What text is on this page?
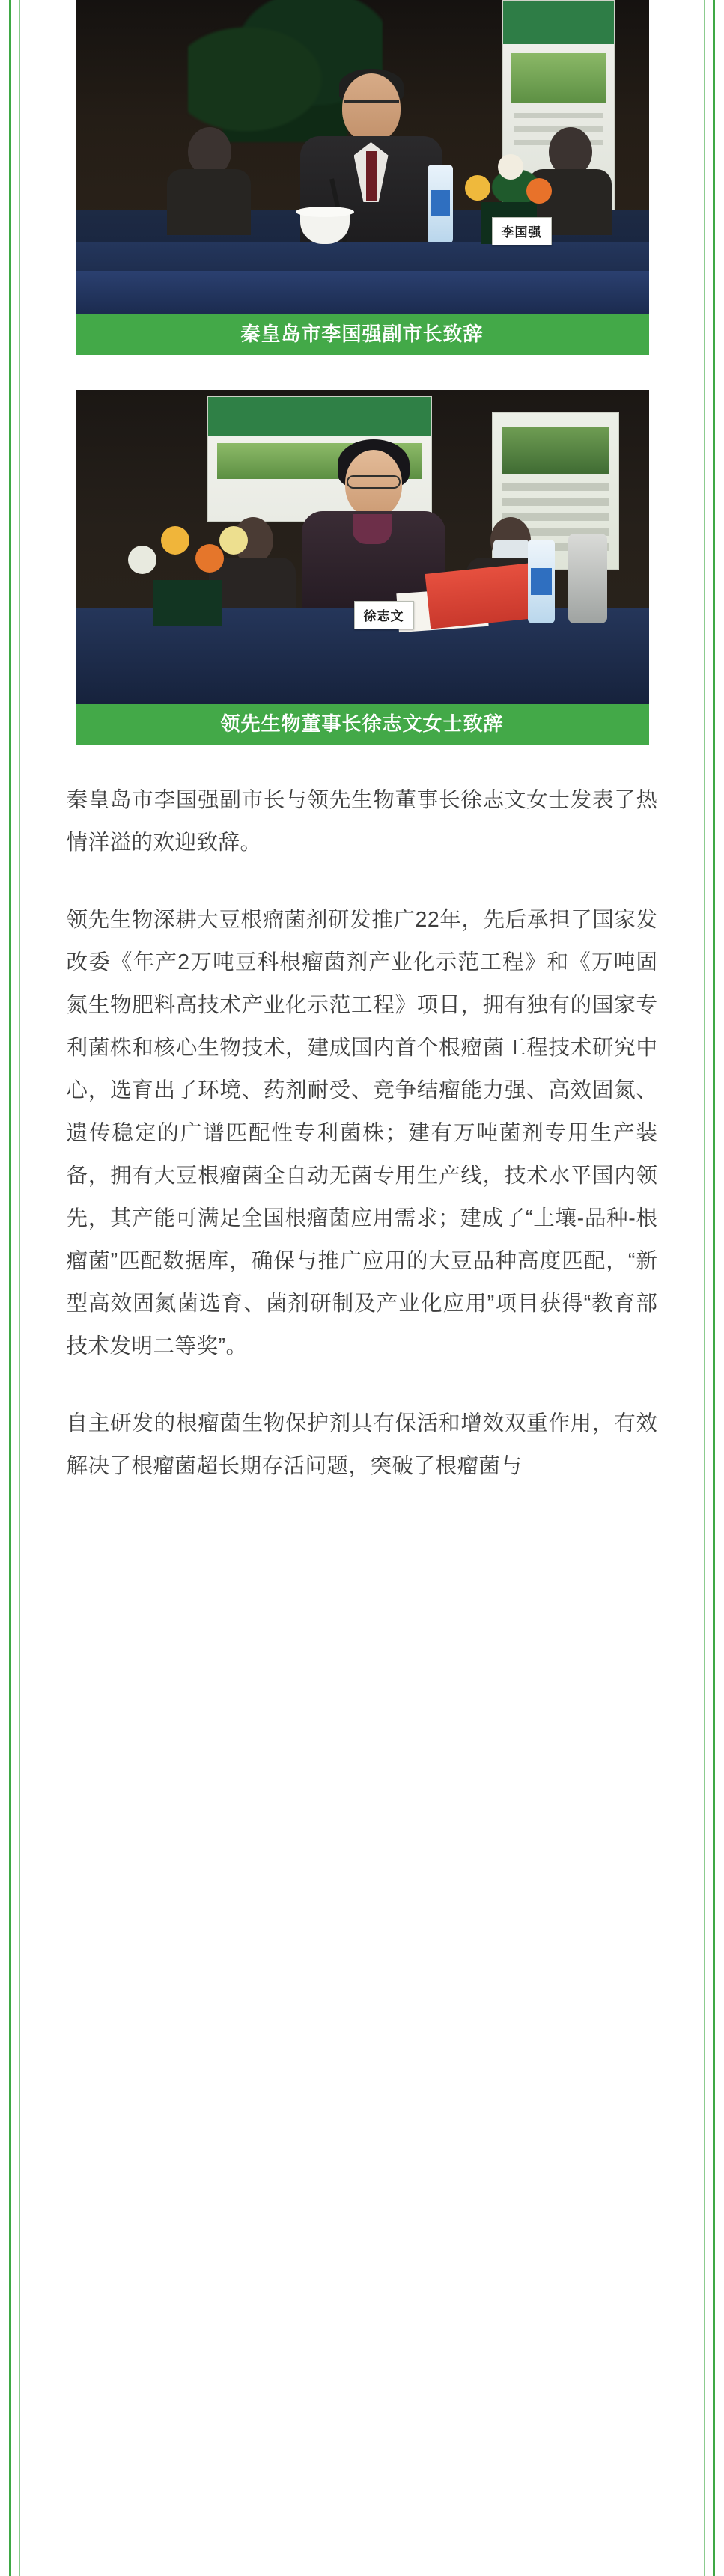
李国强
秦皇岛市李国强副市长致辞
徐志文
领先生物董事长徐志文女士致辞

秦皇岛市李国强副市长与领先生物董事长徐志文女士发表了热情洋溢的欢迎致辞。

领先生物深耕大豆根瘤菌剂研发推广22年，先后承担了国家发改委《年产2万吨豆科根瘤菌剂产业化示范工程》和《万吨固氮生物肥料高技术产业化示范工程》项目，拥有独有的国家专利菌株和核心生物技术，建成国内首个根瘤菌工程技术研究中心，选育出了环境、药剂耐受、竞争结瘤能力强、高效固氮、遗传稳定的广谱匹配性专利菌株；建有万吨菌剂专用生产装备，拥有大豆根瘤菌全自动无菌专用生产线，技术水平国内领先，其产能可满足全国根瘤菌应用需求；建成了“土壤‑品种‑根瘤菌”匹配数据库，确保与推广应用的大豆品种高度匹配，“新型高效固氮菌选育、菌剂研制及产业化应用”项目获得“教育部技术发明二等奖”。

自主研发的根瘤菌生物保护剂具有保活和增效双重作用，有效解决了根瘤菌超长期存活问题，突破了根瘤菌与
